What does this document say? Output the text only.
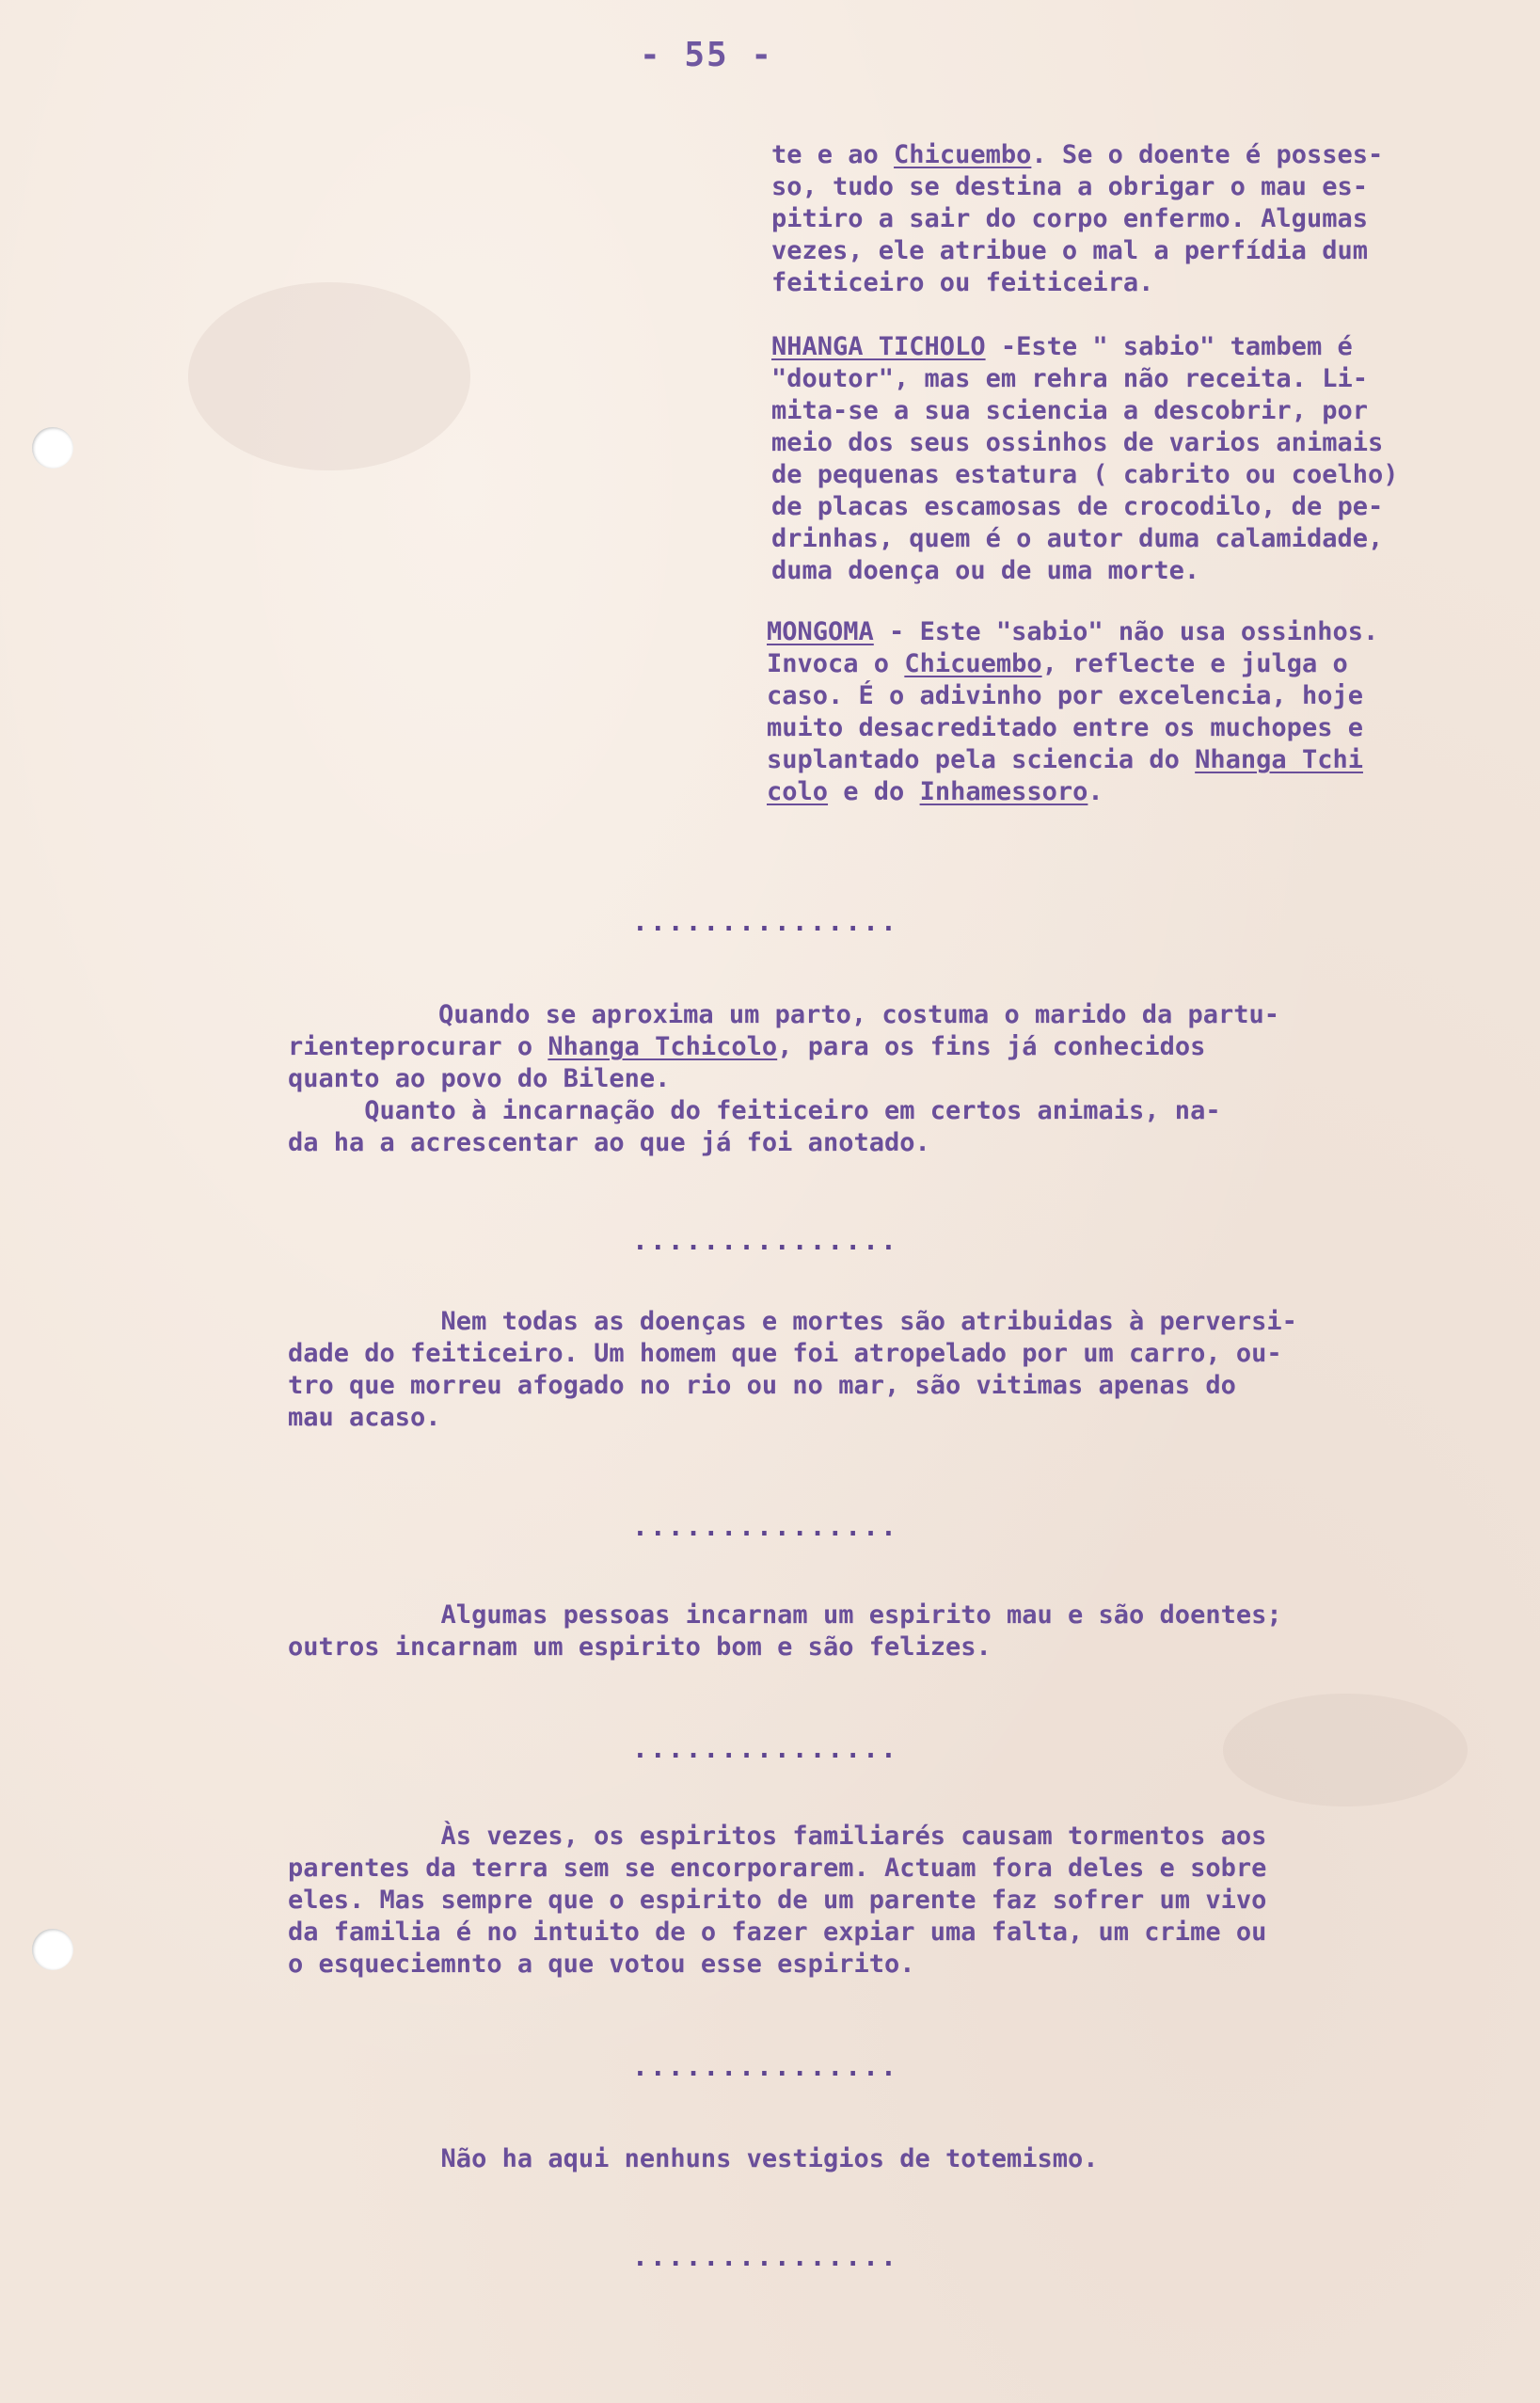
- 55 -
te e ao Chicuembo. Se o doente é posses-
so, tudo se destina a obrigar o mau es-
pitiro a sair do corpo enfermo. Algumas
vezes, ele atribue o mal a perfídia dum
feiticeiro ou feiticeira.
NHANGA TICHOLO -Este " sabio" tambem é
"doutor", mas em rehra não receita. Li-
mita-se a sua sciencia a descobrir, por
meio dos seus ossinhos de varios animais
de pequenas estatura ( cabrito ou coelho)
de placas escamosas de crocodilo, de pe-
drinhas, quem é o autor duma calamidade,
duma doença ou de uma morte.
MONGOMA - Este "sabio" não usa ossinhos.
Invoca o Chicuembo, reflecte e julga o
caso. É o adivinho por excelencia, hoje
muito desacreditado entre os muchopes e
suplantado pela sciencia do Nhanga Tchi
colo e do Inhamessoro.
...............
Quando se aproxima um parto, costuma o marido da partu-
rienteprocurar o Nhanga Tchicolo, para os fins já conhecidos
quanto ao povo do Bilene.
Quanto à incarnação do feiticeiro em certos animais, na-
da ha a acrescentar ao que já foi anotado.
...............
Nem todas as doenças e mortes são atribuidas à perversi-
dade do feiticeiro. Um homem que foi atropelado por um carro, ou-
tro que morreu afogado no rio ou no mar, são vitimas apenas do
mau acaso.
...............
Algumas pessoas incarnam um espirito mau e são doentes;
outros incarnam um espirito bom e são felizes.
...............
Às vezes, os espiritos familiarés causam tormentos aos
parentes da terra sem se encorporarem. Actuam fora deles e sobre
eles. Mas sempre que o espirito de um parente faz sofrer um vivo
da familia é no intuito de o fazer expiar uma falta, um crime ou
o esqueciemnto a que votou esse espirito.
...............
Não ha aqui nenhuns vestigios de totemismo.
...............
